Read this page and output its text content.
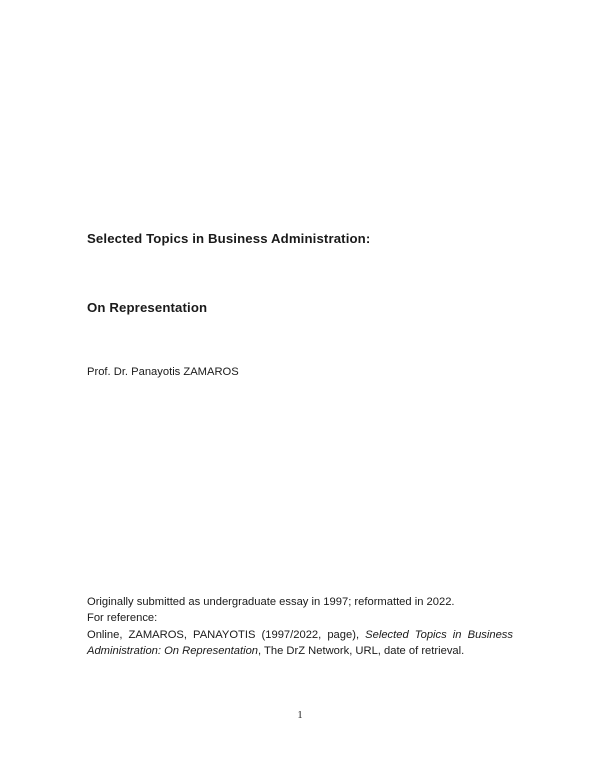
Selected Topics in Business Administration:
On Representation
Prof. Dr. Panayotis ZAMAROS
Originally submitted as undergraduate essay in 1997; reformatted in 2022.
For reference:
Online, ZAMAROS, PANAYOTIS (1997/2022, page), Selected Topics in Business Administration: On Representation, The DrZ Network, URL, date of retrieval.
1
